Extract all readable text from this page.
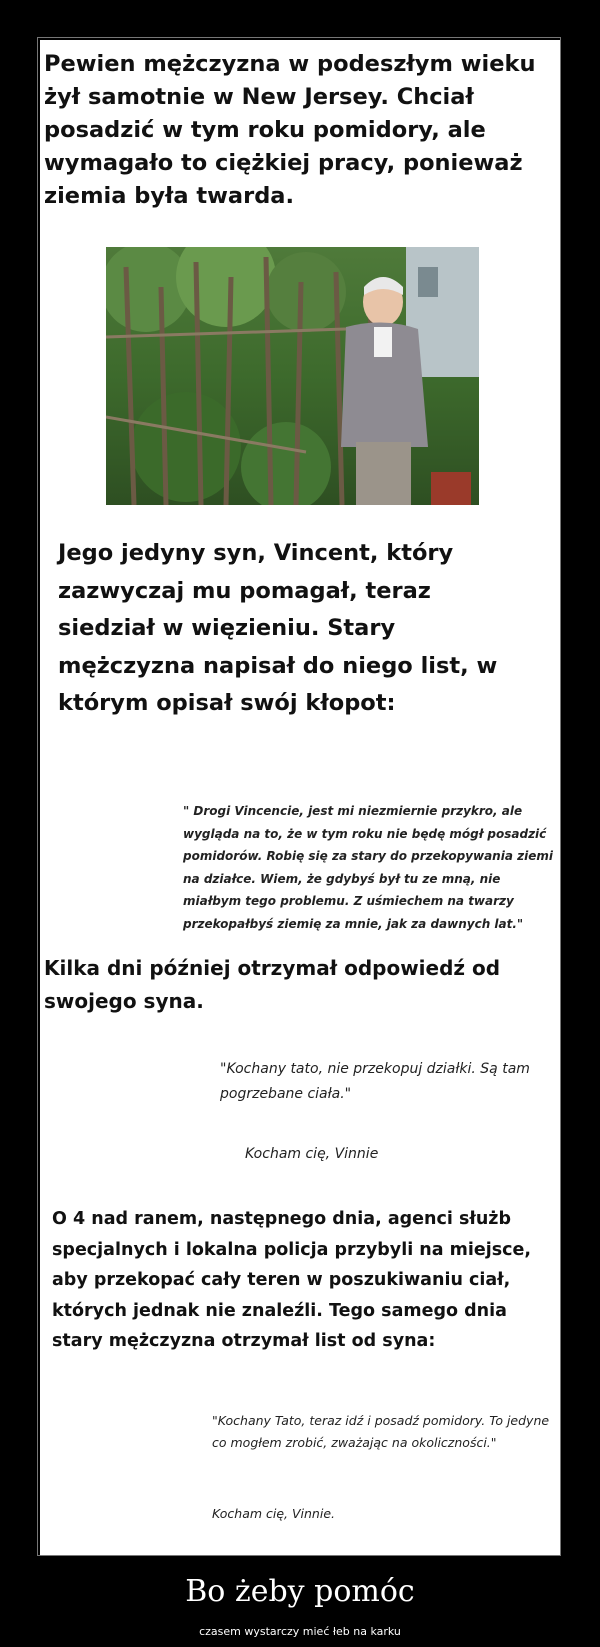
Pewien mężczyzna w podeszłym wieku żył samotnie w New Jersey. Chciał posadzić w tym roku pomidory, ale wymagało to ciężkiej pracy, ponieważ ziemia była twarda.

Jego jedyny syn, Vincent, który zazwyczaj mu pomagał, teraz siedział w więzieniu. Stary mężczyzna napisał do niego list, w którym opisał swój kłopot:

" Drogi Vincencie, jest mi niezmiernie przykro, ale wygląda na to, że w tym roku nie będę mógł posadzić pomidorów. Robię się za stary do przekopywania ziemi na działce. Wiem, że gdybyś był tu ze mną, nie miałbym tego problemu. Z uśmiechem na twarzy przekopałbyś ziemię za mnie, jak za dawnych lat."

Kilka dni później otrzymał odpowiedź od swojego syna.

"Kochany tato, nie przekopuj działki. Są tam pogrzebane ciała."

Kocham cię, Vinnie

O 4 nad ranem, następnego dnia, agenci służb specjalnych i lokalna policja przybyli na miejsce, aby przekopać cały teren w poszukiwaniu ciał, których jednak nie znaleźli. Tego samego dnia stary mężczyzna otrzymał list od syna:

"Kochany Tato, teraz idź i posadź pomidory. To jedyne co mogłem zrobić, zważając na okoliczności."

Kocham cię, Vinnie.

Bo żeby pomóc

czasem wystarczy mieć łeb na karku
